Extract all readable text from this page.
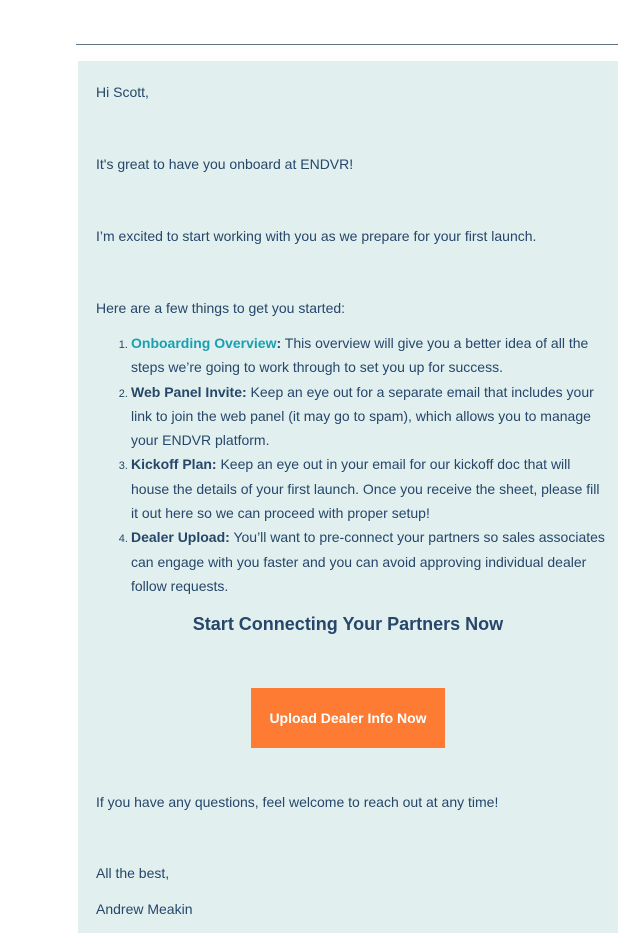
Hi Scott,

It's great to have you onboard at ENDVR!

I’m excited to start working with you as we prepare for your first launch.

Here are a few things to get you started:

1. Onboarding Overview: This overview will give you a better idea of all the steps we’re going to work through to set you up for success.
2. Web Panel Invite: Keep an eye out for a separate email that includes your link to join the web panel (it may go to spam), which allows you to manage your ENDVR platform.
3. Kickoff Plan: Keep an eye out in your email for our kickoff doc that will house the details of your first launch. Once you receive the sheet, please fill it out here so we can proceed with proper setup!
4. Dealer Upload: You’ll want to pre-connect your partners so sales associates can engage with you faster and you can avoid approving individual dealer follow requests.
Start Connecting Your Partners Now
Upload Dealer Info Now

If you have any questions, feel welcome to reach out at any time!

All the best,

Andrew Meakin
